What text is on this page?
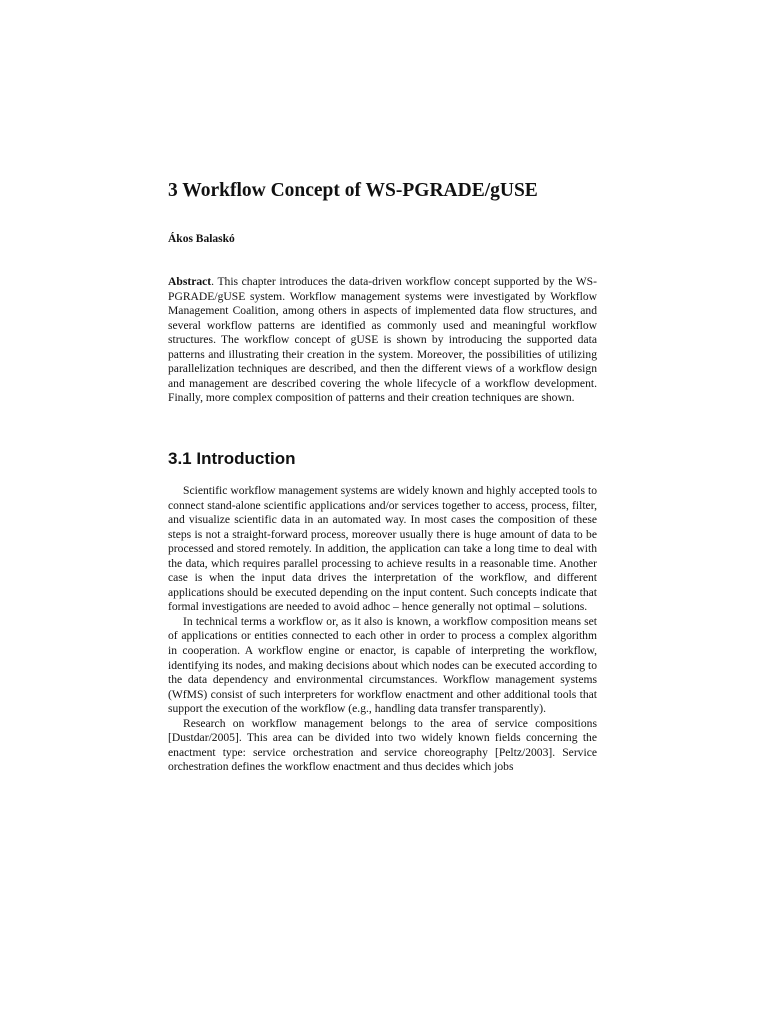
3 Workflow Concept of WS-PGRADE/gUSE

Ákos Balaskó

Abstract. This chapter introduces the data-driven workflow concept supported by the WS-PGRADE/gUSE system. Workflow management systems were investigated by Workflow Management Coalition, among others in aspects of implemented data flow structures, and several workflow patterns are identified as commonly used and meaningful workflow structures. The workflow concept of gUSE is shown by introducing the supported data patterns and illustrating their creation in the system. Moreover, the possibilities of utilizing parallelization techniques are described, and then the different views of a workflow design and management are described covering the whole lifecycle of a workflow development. Finally, more complex composition of patterns and their creation techniques are shown.

3.1 Introduction

Scientific workflow management systems are widely known and highly accepted tools to connect stand-alone scientific applications and/or services together to access, process, filter, and visualize scientific data in an automated way. In most cases the composition of these steps is not a straight-forward process, moreover usually there is huge amount of data to be processed and stored remotely. In addition, the application can take a long time to deal with the data, which requires parallel processing to achieve results in a reasonable time. Another case is when the input data drives the interpretation of the workflow, and different applications should be executed depending on the input content. Such concepts indicate that formal investigations are needed to avoid adhoc – hence generally not optimal – solutions.

In technical terms a workflow or, as it also is known, a workflow composition means set of applications or entities connected to each other in order to process a complex algorithm in cooperation. A workflow engine or enactor, is capable of interpreting the workflow, identifying its nodes, and making decisions about which nodes can be executed according to the data dependency and environmental circumstances. Workflow management systems (WfMS) consist of such interpreters for workflow enactment and other additional tools that support the execution of the workflow (e.g., handling data transfer transparently).

Research on workflow management belongs to the area of service compositions [Dustdar/2005]. This area can be divided into two widely known fields concerning the enactment type: service orchestration and service choreography [Peltz/2003]. Service orchestration defines the workflow enactment and thus decides which jobs
